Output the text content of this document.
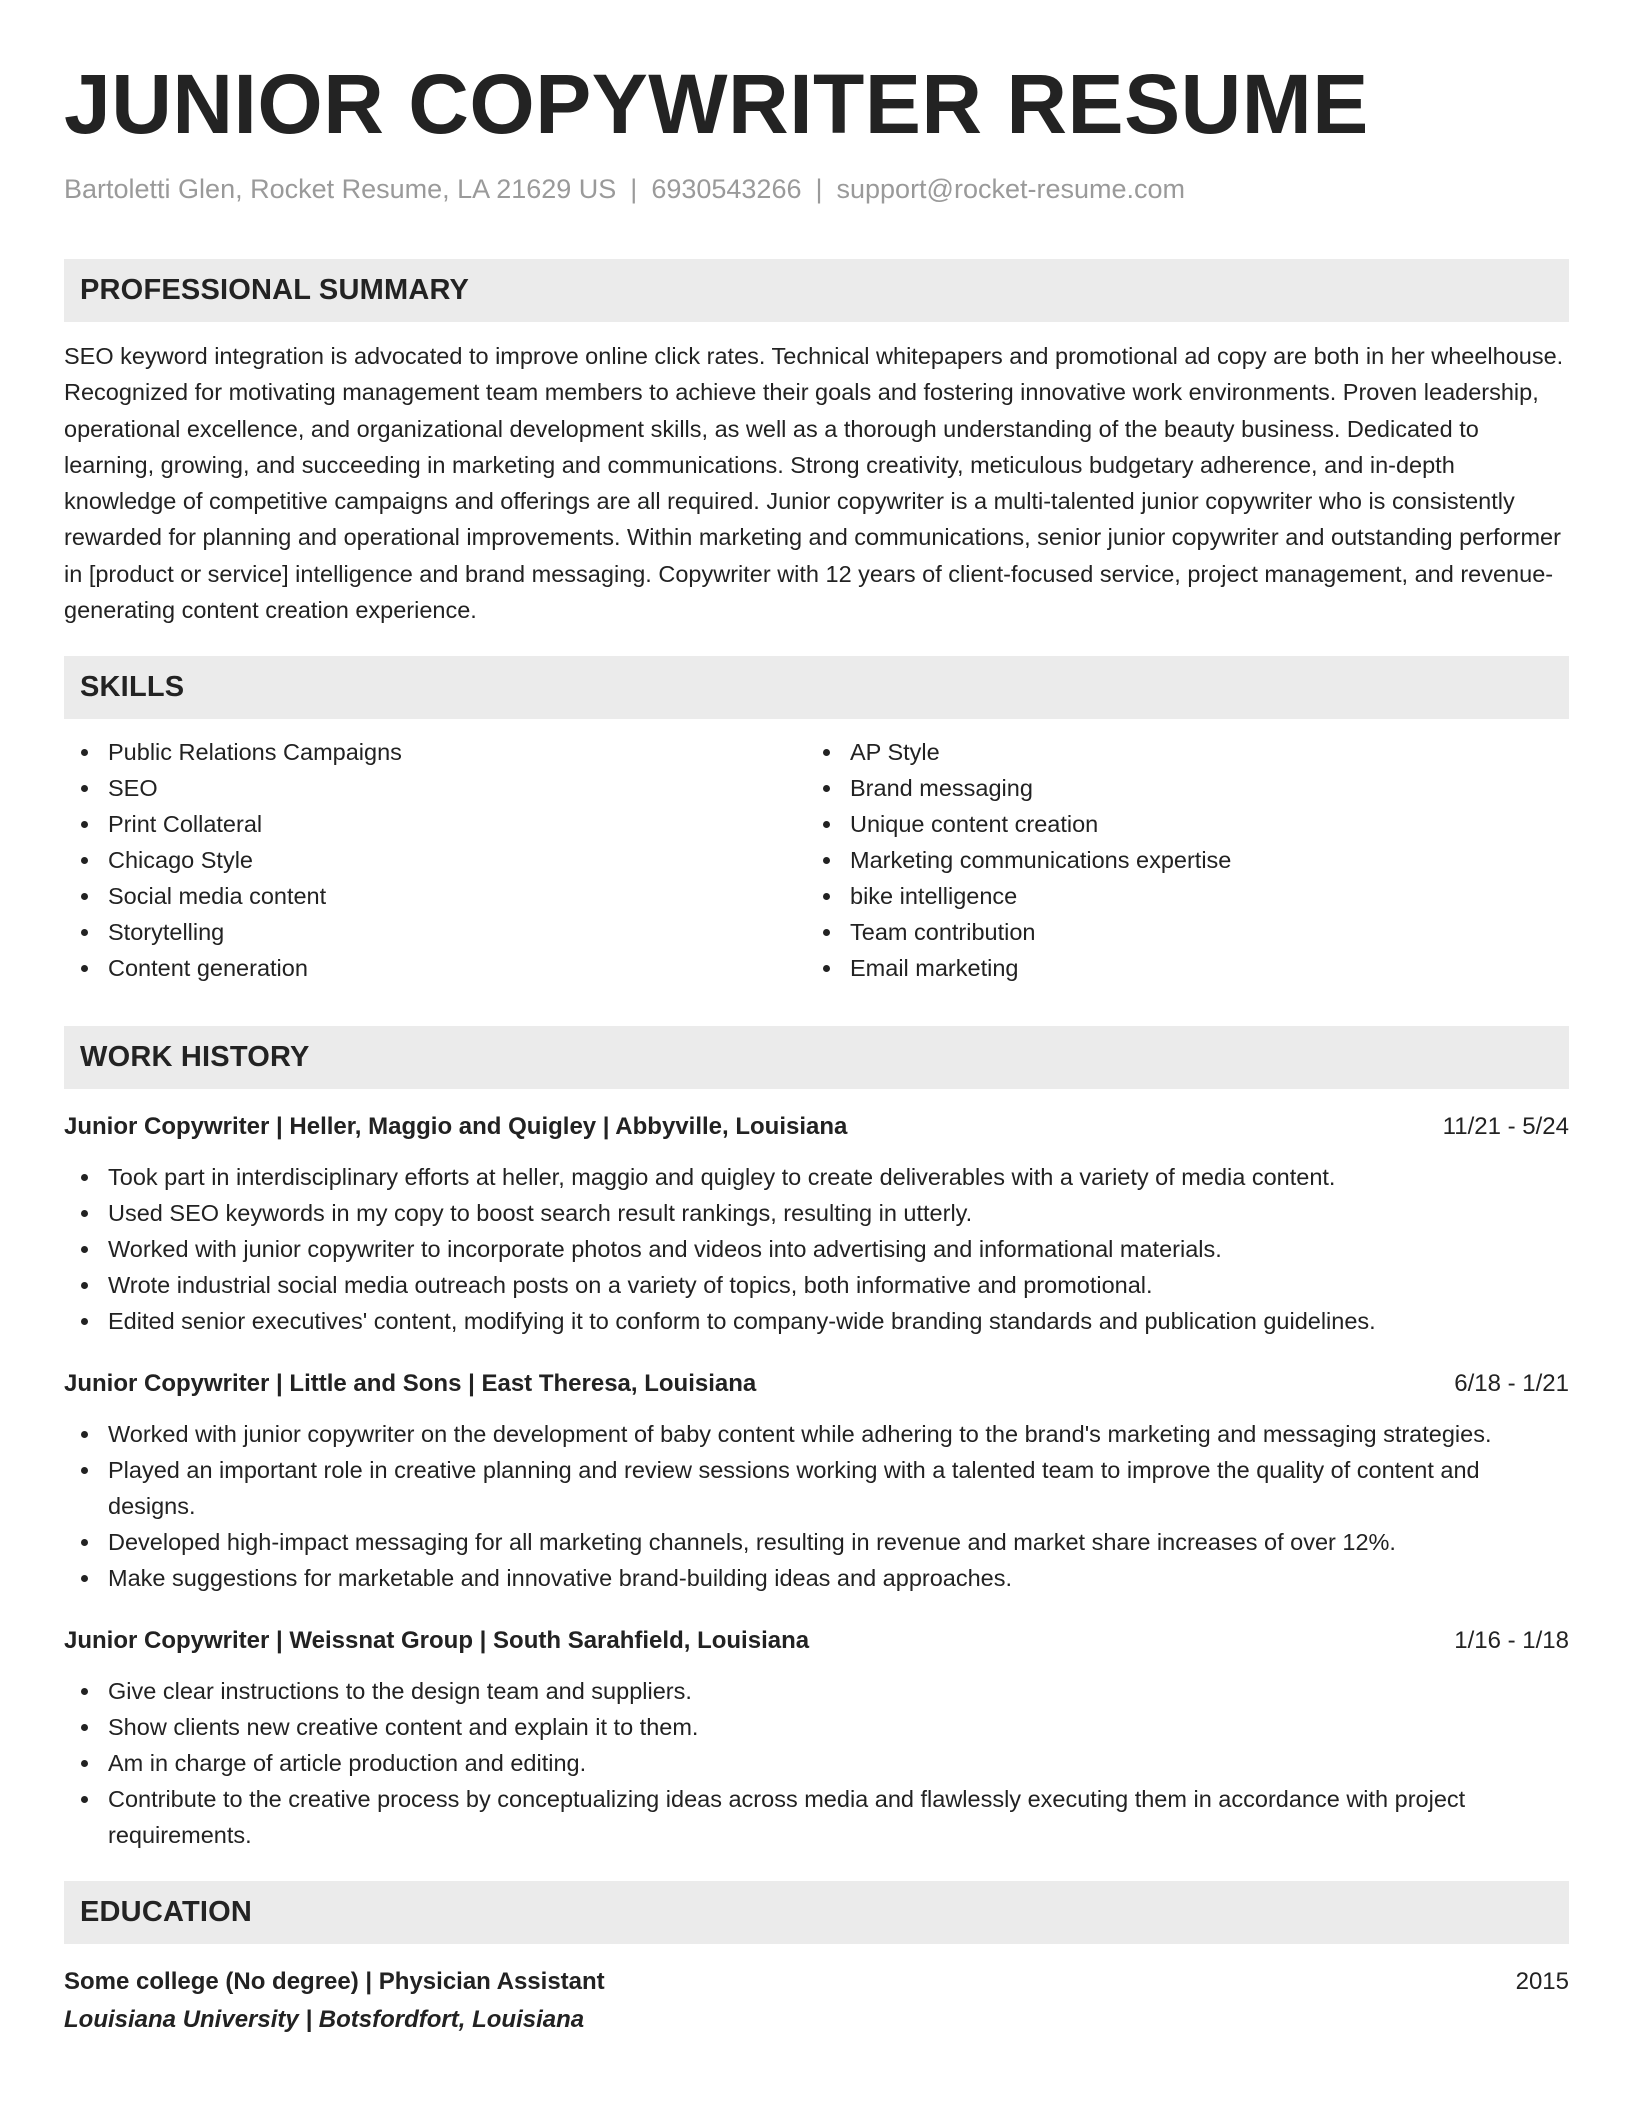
JUNIOR COPYWRITER RESUME
Bartoletti Glen, Rocket Resume, LA 21629 US | 6930543266 | support@rocket-resume.com
PROFESSIONAL SUMMARY

SEO keyword integration is advocated to improve online click rates. Technical whitepapers and promotional ad copy are both in her wheelhouse. Recognized for motivating management team members to achieve their goals and fostering innovative work environments. Proven leadership, operational excellence, and organizational development skills, as well as a thorough understanding of the beauty business. Dedicated to learning, growing, and succeeding in marketing and communications. Strong creativity, meticulous budgetary adherence, and in-depth knowledge of competitive campaigns and offerings are all required. Junior copywriter is a multi-talented junior copywriter who is consistently rewarded for planning and operational improvements. Within marketing and communications, senior junior copywriter and outstanding performer in [product or service] intelligence and brand messaging. Copywriter with 12 years of client-focused service, project management, and revenue-generating content creation experience.

SKILLS
Public Relations Campaigns
SEO
Print Collateral
Chicago Style
Social media content
Storytelling
Content generation
AP Style
Brand messaging
Unique content creation
Marketing communications expertise
bike intelligence
Team contribution
Email marketing
WORK HISTORY
Junior Copywriter | Heller, Maggio and Quigley | Abbyville, Louisiana	11/21 - 5/24
Took part in interdisciplinary efforts at heller, maggio and quigley to create deliverables with a variety of media content.
Used SEO keywords in my copy to boost search result rankings, resulting in utterly.
Worked with junior copywriter to incorporate photos and videos into advertising and informational materials.
Wrote industrial social media outreach posts on a variety of topics, both informative and promotional.
Edited senior executives' content, modifying it to conform to company-wide branding standards and publication guidelines.
Junior Copywriter | Little and Sons | East Theresa, Louisiana	6/18 - 1/21
Worked with junior copywriter on the development of baby content while adhering to the brand's marketing and messaging strategies.
Played an important role in creative planning and review sessions working with a talented team to improve the quality of content and designs.
Developed high-impact messaging for all marketing channels, resulting in revenue and market share increases of over 12%.
Make suggestions for marketable and innovative brand-building ideas and approaches.
Junior Copywriter | Weissnat Group | South Sarahfield, Louisiana	1/16 - 1/18
Give clear instructions to the design team and suppliers.
Show clients new creative content and explain it to them.
Am in charge of article production and editing.
Contribute to the creative process by conceptualizing ideas across media and flawlessly executing them in accordance with project requirements.
EDUCATION
Some college (No degree) | Physician Assistant	2015
Louisiana University | Botsfordfort, Louisiana
